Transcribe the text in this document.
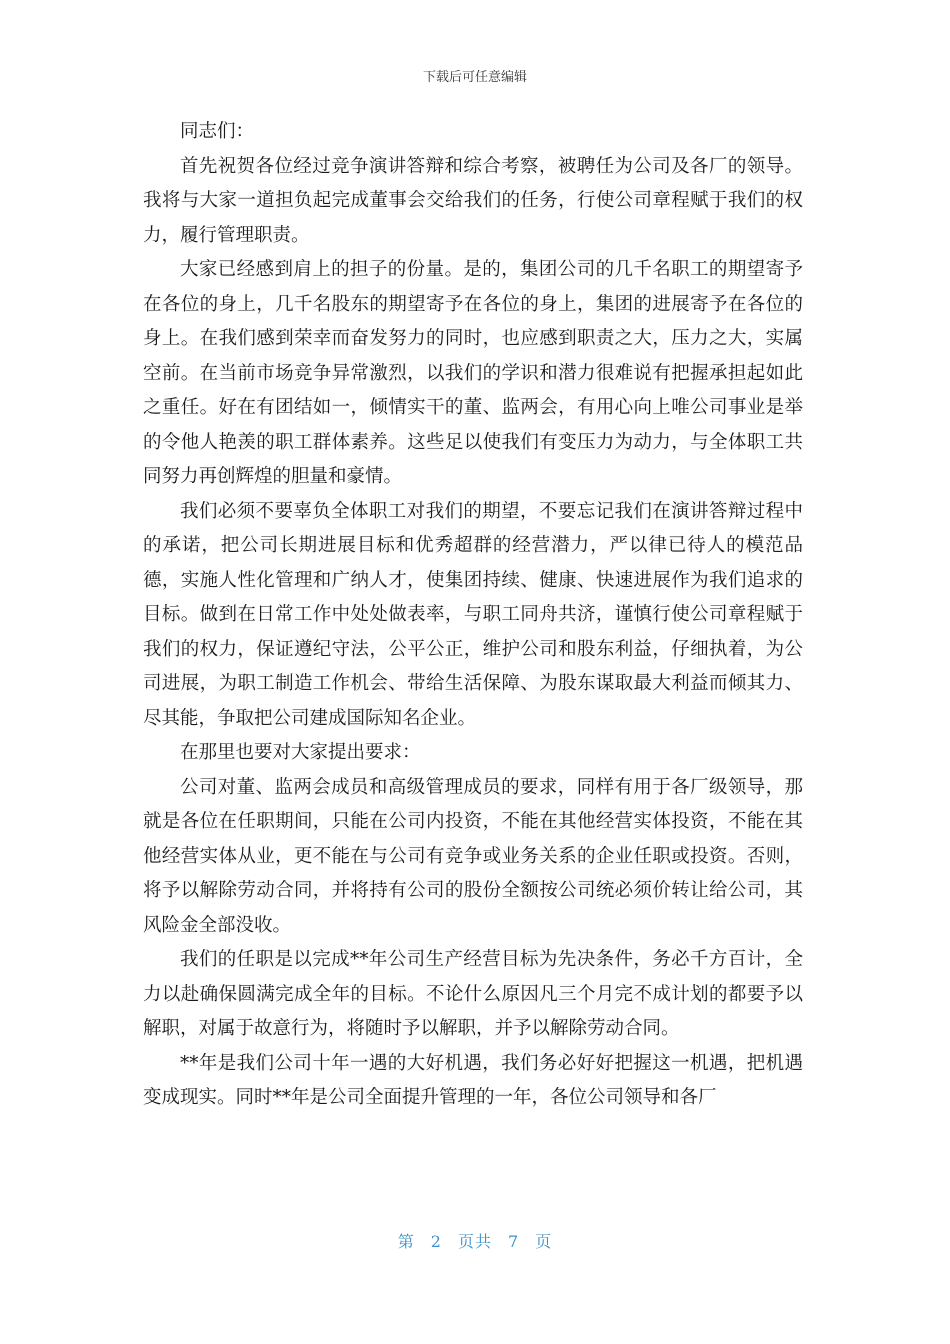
下载后可任意编辑

同志们：

首先祝贺各位经过竞争演讲答辩和综合考察，被聘任为公司及各厂的领导。我将与大家一道担负起完成董事会交给我们的任务，行使公司章程赋于我们的权力，履行管理职责。

大家已经感到肩上的担子的份量。是的，集团公司的几千名职工的期望寄予在各位的身上，几千名股东的期望寄予在各位的身上，集团的进展寄予在各位的身上。在我们感到荣幸而奋发努力的同时，也应感到职责之大，压力之大，实属空前。在当前市场竞争异常激烈，以我们的学识和潜力很难说有把握承担起如此之重任。好在有团结如一，倾情实干的董、监两会，有用心向上唯公司事业是举的令他人艳羡的职工群体素养。这些足以使我们有变压力为动力，与全体职工共同努力再创辉煌的胆量和豪情。

我们必须不要辜负全体职工对我们的期望，不要忘记我们在演讲答辩过程中的承诺，把公司长期进展目标和优秀超群的经营潜力，严以律已待人的模范品德，实施人性化管理和广纳人才，使集团持续、健康、快速进展作为我们追求的目标。做到在日常工作中处处做表率，与职工同舟共济，谨慎行使公司章程赋于我们的权力，保证遵纪守法，公平公正，维护公司和股东利益，仔细执着，为公司进展，为职工制造工作机会、带给生活保障、为股东谋取最大利益而倾其力、尽其能，争取把公司建成国际知名企业。

在那里也要对大家提出要求：

公司对董、监两会成员和高级管理成员的要求，同样有用于各厂级领导，那就是各位在任职期间，只能在公司内投资，不能在其他经营实体投资，不能在其他经营实体从业，更不能在与公司有竞争或业务关系的企业任职或投资。否则，将予以解除劳动合同，并将持有公司的股份全额按公司统必须价转让给公司，其风险金全部没收。

我们的任职是以完成**年公司生产经营目标为先决条件，务必千方百计，全力以赴确保圆满完成全年的目标。不论什么原因凡三个月完不成计划的都要予以解职，对属于故意行为，将随时予以解职，并予以解除劳动合同。

**年是我们公司十年一遇的大好机遇，我们务必好好把握这一机遇，把机遇变成现实。同时**年是公司全面提升管理的一年，各位公司领导和各厂

第 2 页共 7 页
